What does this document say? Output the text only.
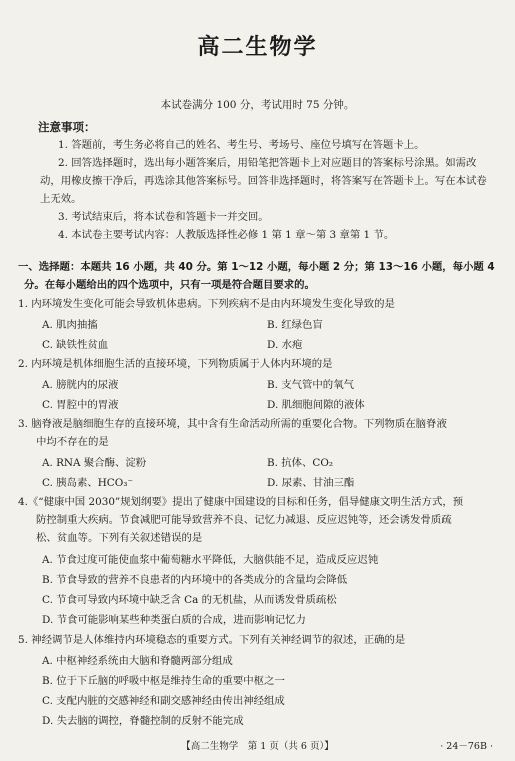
高二生物学
本试卷满分 100 分，考试用时 75 分钟。
注意事项：

1. 答题前，考生务必将自己的姓名、考生号、考场号、座位号填写在答题卡上。

2. 回答选择题时，选出每小题答案后，用铅笔把答题卡上对应题目的答案标号涂黑。如需改动，用橡皮擦干净后，再选涂其他答案标号。回答非选择题时，将答案写在答题卡上。写在本试卷上无效。

3. 考试结束后，将本试卷和答题卡一并交回。

4. 本试卷主要考试内容：人教版选择性必修 1 第 1 章～第 3 章第 1 节。

一、选择题：本题共 16 小题，共 40 分。第 1～12 小题，每小题 2 分；第 13～16 小题，每小题 4

分。在每小题给出的四个选项中，只有一项是符合题目要求的。

1. 内环境发生变化可能会导致机体患病。下列疾病不是由内环境发生变化导致的是

A. 肌肉抽搐	B. 红绿色盲
C. 缺铁性贫血	D. 水疱

2. 内环境是机体细胞生活的直接环境，下列物质属于人体内环境的是

A. 膀胱内的尿液	B. 支气管中的氧气
C. 胃腔中的胃液	D. 肌细胞间隙的液体

3. 脑脊液是脑细胞生存的直接环境，其中含有生命活动所需的重要化合物。下列物质在脑脊液

中均不存在的是

A. RNA 聚合酶、淀粉	B. 抗体、CO₂
C. 胰岛素、HCO₃⁻	D. 尿素、甘油三酯

4.《“健康中国 2030”规划纲要》提出了健康中国建设的目标和任务，倡导健康文明生活方式，预

防控制重大疾病。节食减肥可能导致营养不良、记忆力减退、反应迟钝等，还会诱发骨质疏

松、贫血等。下列有关叙述错误的是

A. 节食过度可能使血浆中葡萄糖水平降低，大脑供能不足，造成反应迟钝
B. 节食导致的营养不良患者的内环境中的各类成分的含量均会降低
C. 节食可导致内环境中缺乏含 Ca 的无机盐，从而诱发骨质疏松
D. 节食可能影响某些种类蛋白质的合成，进而影响记忆力

5. 神经调节是人体维持内环境稳态的重要方式。下列有关神经调节的叙述，正确的是

A. 中枢神经系统由大脑和脊髓两部分组成
B. 位于下丘脑的呼吸中枢是维持生命的重要中枢之一
C. 支配内脏的交感神经和副交感神经由传出神经组成
D. 失去脑的调控，脊髓控制的反射不能完成
【高二生物学　第 1 页（共 6 页）】	· 24－76B ·
